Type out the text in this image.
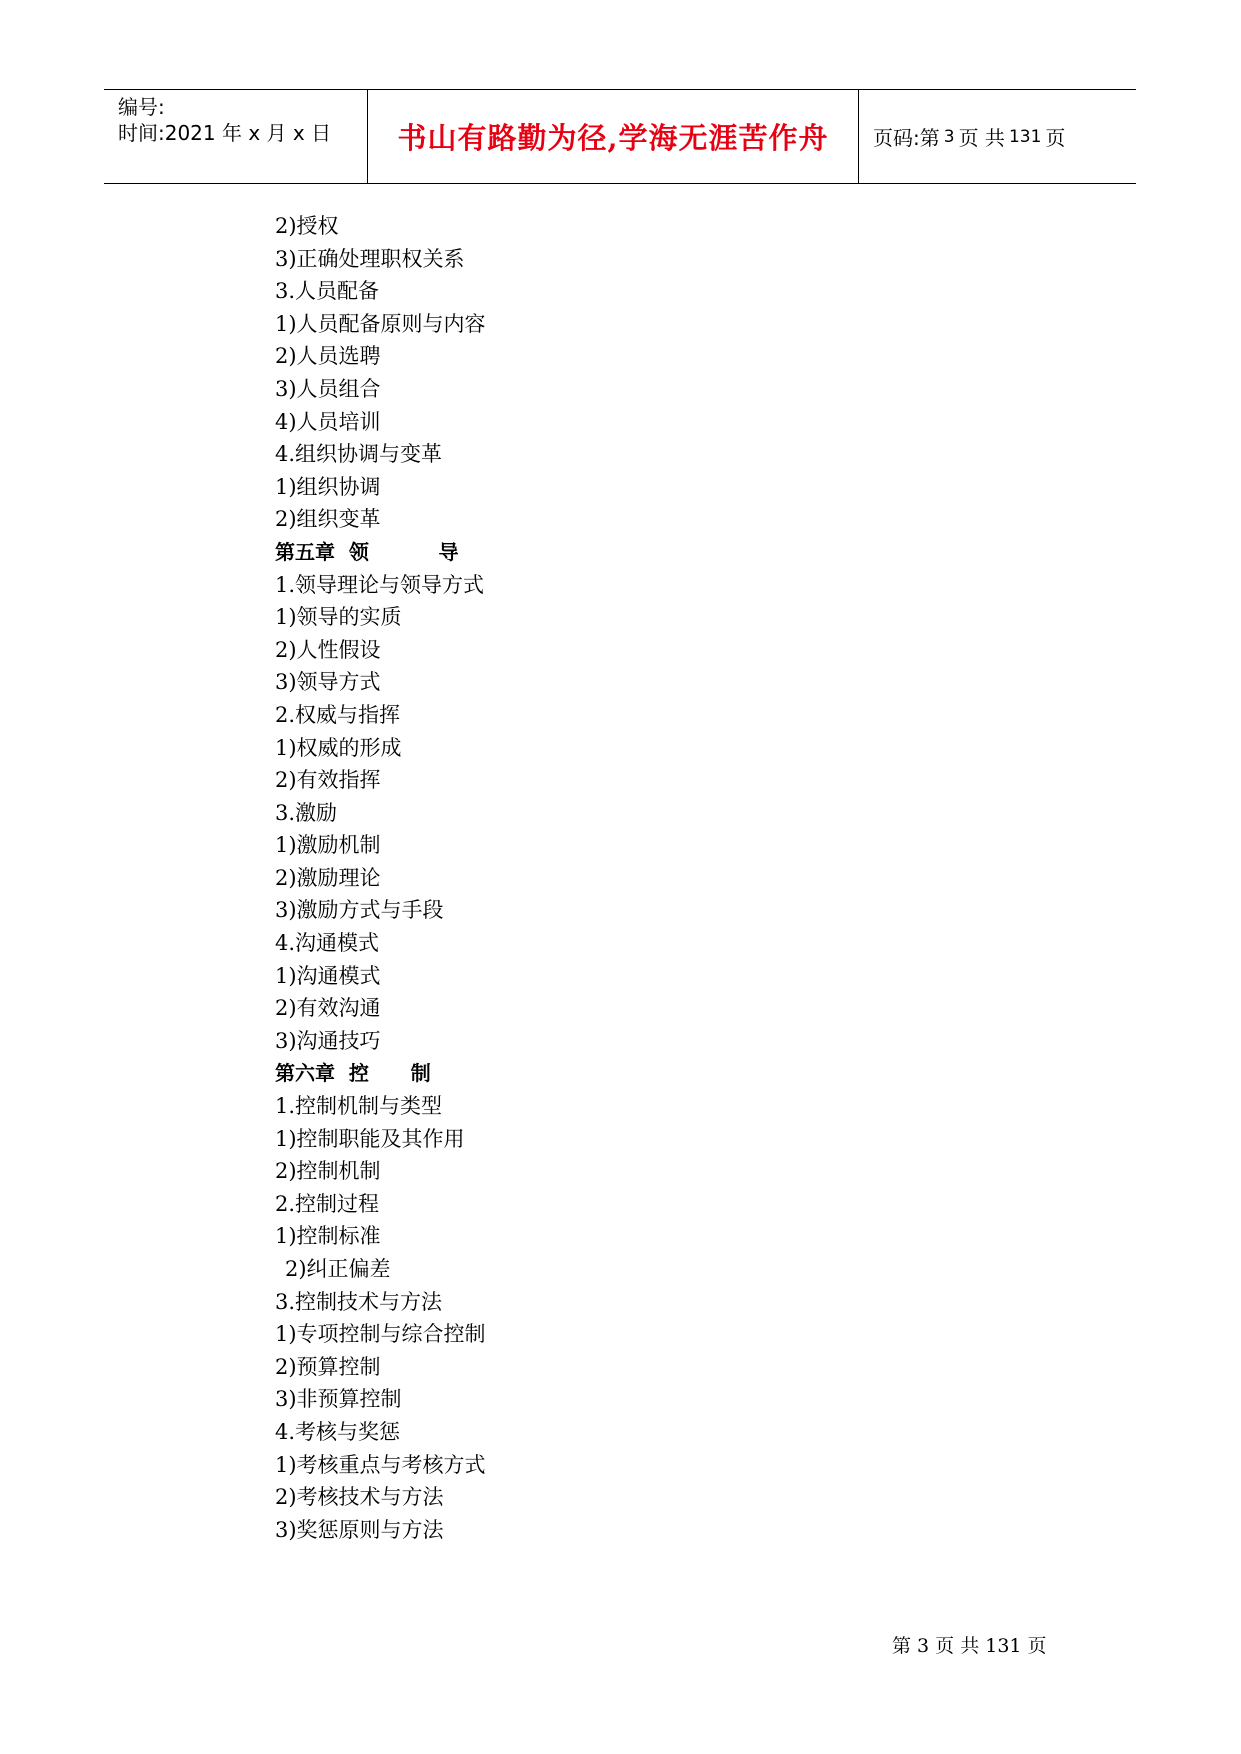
编号:
时间:2021 年 x 月 x 日 书山有路勤为径,学海无涯苦作舟 页码:第 3 页 共 131 页
2)授权
3)正确处理职权关系
3.人员配备
1)人员配备原则与内容
2)人员选聘
3)人员组合
4)人员培训
4.组织协调与变革
1)组织协调
2)组织变革
第五章  领          导
1.领导理论与领导方式
1)领导的实质
2)人性假设
3)领导方式
2.权威与指挥
1)权威的形成
2)有效指挥
3.激励
1)激励机制
2)激励理论
3)激励方式与手段
4.沟通模式
1)沟通模式
2)有效沟通
3)沟通技巧
第六章  控      制
1.控制机制与类型
1)控制职能及其作用
2)控制机制
2.控制过程
1)控制标准
2)纠正偏差
3.控制技术与方法
1)专项控制与综合控制
2)预算控制
3)非预算控制
4.考核与奖惩
1)考核重点与考核方式
2)考核技术与方法
3)奖惩原则与方法
第 3 页 共 131 页
